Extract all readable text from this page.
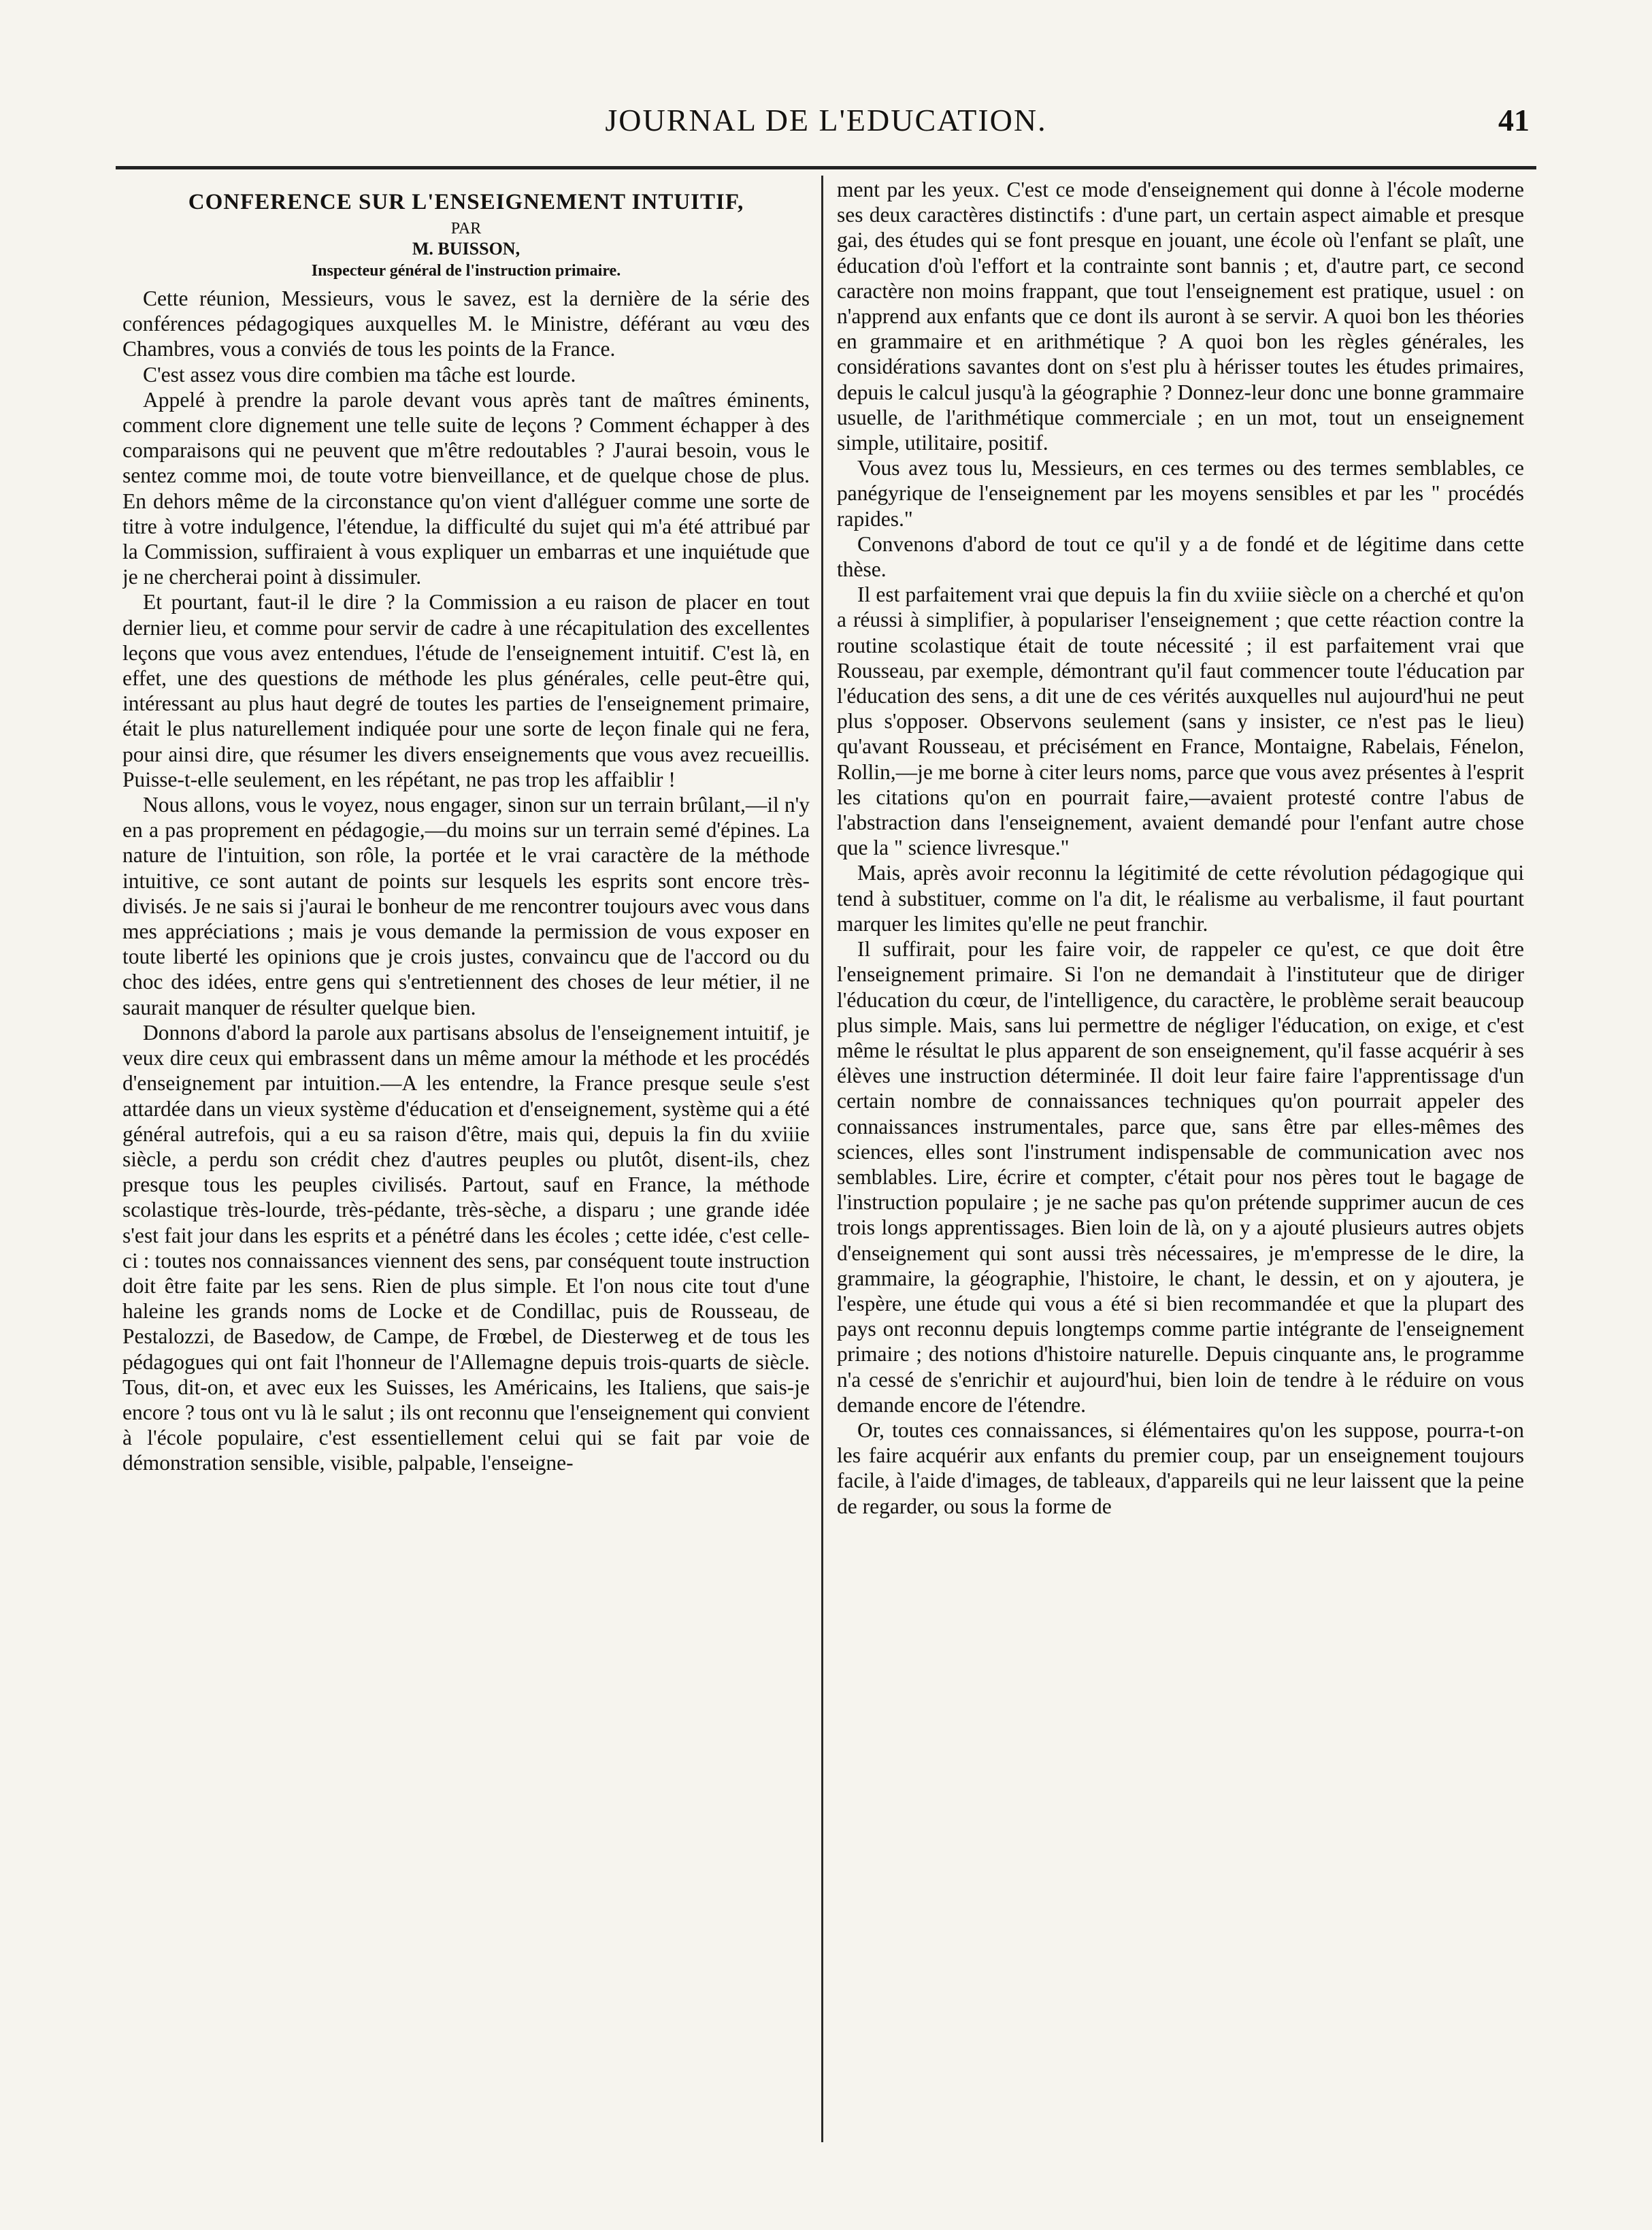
JOURNAL DE L'EDUCATION.	41
CONFERENCE SUR L'ENSEIGNEMENT INTUITIF,
PAR
M. BUISSON,
Inspecteur général de l'instruction primaire.

Cette réunion, Messieurs, vous le savez, est la dernière de la série des conférences pédagogiques auxquelles M. le Ministre, déférant au vœu des Chambres, vous a conviés de tous les points de la France.

C'est assez vous dire combien ma tâche est lourde.

Appelé à prendre la parole devant vous après tant de maîtres éminents, comment clore dignement une telle suite de leçons ? Comment échapper à des comparaisons qui ne peuvent que m'être redoutables ? J'aurai besoin, vous le sentez comme moi, de toute votre bienveillance, et de quelque chose de plus. En dehors même de la circonstance qu'on vient d'alléguer comme une sorte de titre à votre indulgence, l'étendue, la difficulté du sujet qui m'a été attribué par la Commission, suffiraient à vous expliquer un embarras et une inquiétude que je ne chercherai point à dissimuler.

Et pourtant, faut-il le dire ? la Commission a eu raison de placer en tout dernier lieu, et comme pour servir de cadre à une récapitulation des excellentes leçons que vous avez entendues, l'étude de l'enseignement intuitif. C'est là, en effet, une des questions de méthode les plus générales, celle peut-être qui, intéressant au plus haut degré de toutes les parties de l'enseignement primaire, était le plus naturellement indiquée pour une sorte de leçon finale qui ne fera, pour ainsi dire, que résumer les divers enseignements que vous avez recueillis. Puisse-t-elle seulement, en les répétant, ne pas trop les affaiblir !

Nous allons, vous le voyez, nous engager, sinon sur un terrain brûlant,—il n'y en a pas proprement en pédagogie,—du moins sur un terrain semé d'épines. La nature de l'intuition, son rôle, la portée et le vrai caractère de la méthode intuitive, ce sont autant de points sur lesquels les esprits sont encore très-divisés. Je ne sais si j'aurai le bonheur de me rencontrer toujours avec vous dans mes appréciations ; mais je vous demande la permission de vous exposer en toute liberté les opinions que je crois justes, convaincu que de l'accord ou du choc des idées, entre gens qui s'entretiennent des choses de leur métier, il ne saurait manquer de résulter quelque bien.

Donnons d'abord la parole aux partisans absolus de l'enseignement intuitif, je veux dire ceux qui embrassent dans un même amour la méthode et les procédés d'enseignement par intuition.—A les entendre, la France presque seule s'est attardée dans un vieux système d'éducation et d'enseignement, système qui a été général autrefois, qui a eu sa raison d'être, mais qui, depuis la fin du xviiie siècle, a perdu son crédit chez d'autres peuples ou plutôt, disent-ils, chez presque tous les peuples civilisés. Partout, sauf en France, la méthode scolastique très-lourde, très-pédante, très-sèche, a disparu ; une grande idée s'est fait jour dans les esprits et a pénétré dans les écoles ; cette idée, c'est celle-ci : toutes nos connaissances viennent des sens, par conséquent toute instruction doit être faite par les sens. Rien de plus simple. Et l'on nous cite tout d'une haleine les grands noms de Locke et de Condillac, puis de Rousseau, de Pestalozzi, de Basedow, de Campe, de Frœbel, de Diesterweg et de tous les pédagogues qui ont fait l'honneur de l'Allemagne depuis trois-quarts de siècle. Tous, dit-on, et avec eux les Suisses, les Américains, les Italiens, que sais-je encore ? tous ont vu là le salut ; ils ont reconnu que l'enseignement qui convient à l'école populaire, c'est essentiellement celui qui se fait par voie de démonstration sensible, visible, palpable, l'enseigne-

ment par les yeux. C'est ce mode d'enseignement qui donne à l'école moderne ses deux caractères distinctifs : d'une part, un certain aspect aimable et presque gai, des études qui se font presque en jouant, une école où l'enfant se plaît, une éducation d'où l'effort et la contrainte sont bannis ; et, d'autre part, ce second caractère non moins frappant, que tout l'enseignement est pratique, usuel : on n'apprend aux enfants que ce dont ils auront à se servir. A quoi bon les théories en grammaire et en arithmétique ? A quoi bon les règles générales, les considérations savantes dont on s'est plu à hérisser toutes les études primaires, depuis le calcul jusqu'à la géographie ? Donnez-leur donc une bonne grammaire usuelle, de l'arithmétique commerciale ; en un mot, tout un enseignement simple, utilitaire, positif.

Vous avez tous lu, Messieurs, en ces termes ou des termes semblables, ce panégyrique de l'enseignement par les moyens sensibles et par les " procédés rapides."

Convenons d'abord de tout ce qu'il y a de fondé et de légitime dans cette thèse.

Il est parfaitement vrai que depuis la fin du xviiie siècle on a cherché et qu'on a réussi à simplifier, à populariser l'enseignement ; que cette réaction contre la routine scolastique était de toute nécessité ; il est parfaitement vrai que Rousseau, par exemple, démontrant qu'il faut commencer toute l'éducation par l'éducation des sens, a dit une de ces vérités auxquelles nul aujourd'hui ne peut plus s'opposer. Observons seulement (sans y insister, ce n'est pas le lieu) qu'avant Rousseau, et précisément en France, Montaigne, Rabelais, Fénelon, Rollin,—je me borne à citer leurs noms, parce que vous avez présentes à l'esprit les citations qu'on en pourrait faire,—avaient protesté contre l'abus de l'abstraction dans l'enseignement, avaient demandé pour l'enfant autre chose que la " science livresque."

Mais, après avoir reconnu la légitimité de cette révolution pédagogique qui tend à substituer, comme on l'a dit, le réalisme au verbalisme, il faut pourtant marquer les limites qu'elle ne peut franchir.

Il suffirait, pour les faire voir, de rappeler ce qu'est, ce que doit être l'enseignement primaire. Si l'on ne demandait à l'instituteur que de diriger l'éducation du cœur, de l'intelligence, du caractère, le problème serait beaucoup plus simple. Mais, sans lui permettre de négliger l'éducation, on exige, et c'est même le résultat le plus apparent de son enseignement, qu'il fasse acquérir à ses élèves une instruction déterminée. Il doit leur faire faire l'apprentissage d'un certain nombre de connaissances techniques qu'on pourrait appeler des connaissances instrumentales, parce que, sans être par elles-mêmes des sciences, elles sont l'instrument indispensable de communication avec nos semblables. Lire, écrire et compter, c'était pour nos pères tout le bagage de l'instruction populaire ; je ne sache pas qu'on prétende supprimer aucun de ces trois longs apprentissages. Bien loin de là, on y a ajouté plusieurs autres objets d'enseignement qui sont aussi très nécessaires, je m'empresse de le dire, la grammaire, la géographie, l'histoire, le chant, le dessin, et on y ajoutera, je l'espère, une étude qui vous a été si bien recommandée et que la plupart des pays ont reconnu depuis longtemps comme partie intégrante de l'enseignement primaire ; des notions d'histoire naturelle. Depuis cinquante ans, le programme n'a cessé de s'enrichir et aujourd'hui, bien loin de tendre à le réduire on vous demande encore de l'étendre.

Or, toutes ces connaissances, si élémentaires qu'on les suppose, pourra-t-on les faire acquérir aux enfants du premier coup, par un enseignement toujours facile, à l'aide d'images, de tableaux, d'appareils qui ne leur laissent que la peine de regarder, ou sous la forme de
